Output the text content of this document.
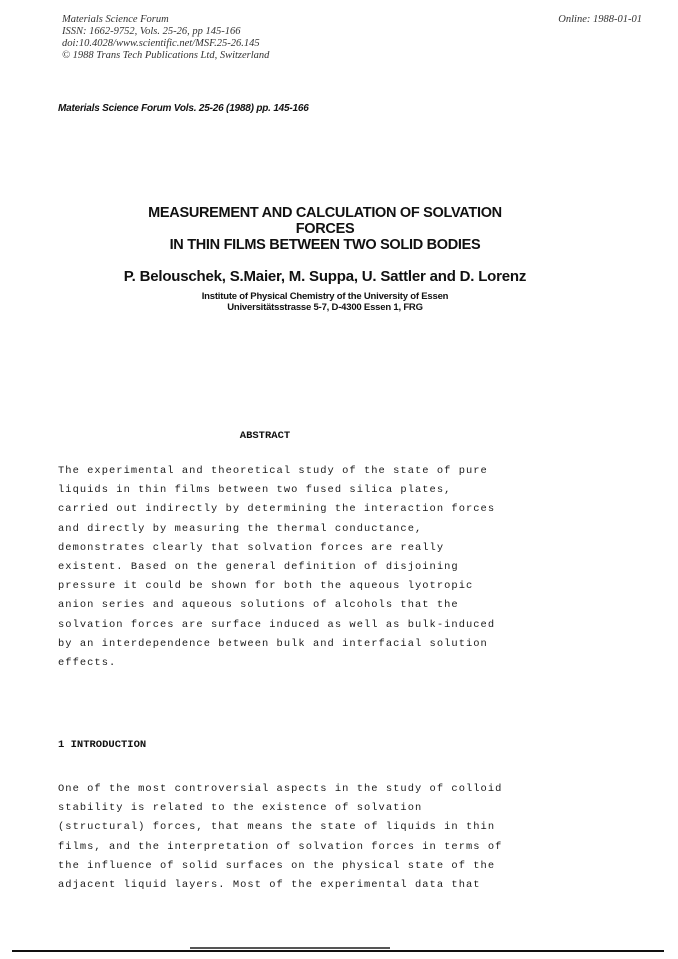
Materials Science Forum
ISSN: 1662-9752, Vols. 25-26, pp 145-166
doi:10.4028/www.scientific.net/MSF.25-26.145
© 1988 Trans Tech Publications Ltd, Switzerland
Online: 1988-01-01
Materials Science Forum Vols. 25-26 (1988) pp. 145-166
MEASUREMENT AND CALCULATION OF SOLVATION
FORCES
IN THIN FILMS BETWEEN TWO SOLID BODIES
P. Belouschek, S.Maier, M. Suppa, U. Sattler and D. Lorenz
Institute of Physical Chemistry of the University of Essen
Universitätsstrasse 5-7, D-4300 Essen 1, FRG
ABSTRACT
The experimental and theoretical study of the state of pure
liquids in thin films between two fused silica plates,
carried out indirectly by determining the interaction forces
and directly by measuring the thermal conductance,
demonstrates clearly that solvation forces are really
existent. Based on the general definition of disjoining
pressure it could be shown for both the aqueous lyotropic
anion series and aqueous solutions of alcohols that the
solvation forces are surface induced as well as bulk-induced
by an interdependence between bulk and interfacial solution
effects.
1 INTRODUCTION
One of the most controversial aspects in the study of colloid
stability is related to the existence of solvation
(structural) forces, that means the state of liquids in thin
films, and the interpretation of solvation forces in terms of
the influence of solid surfaces on the physical state of the
adjacent liquid layers. Most of the experimental data that
